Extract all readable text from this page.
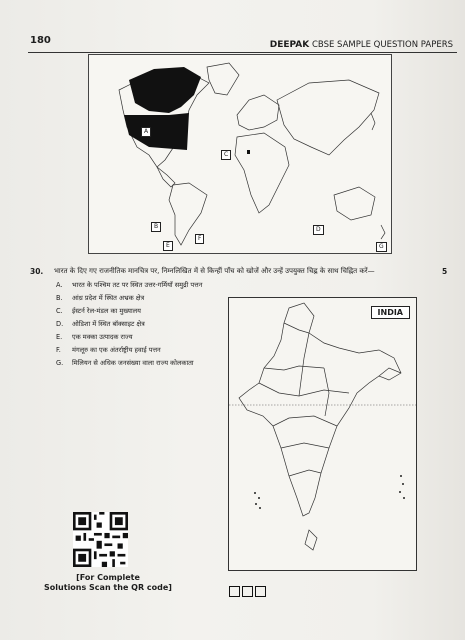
180	DEEPAK CBSE SAMPLE QUESTION PAPERS
A
B
C
D
E
F
G
30. भारत के दिए गए राजनीतिक मानचित्र पर, निम्नलिखित में से किन्हीं पाँच को खोजें और उन्हें उपयुक्त चिह्न के साथ चिह्नित करें—	5
A. भारत के पश्चिम तट पर स्थित उत्तर-गर्मियाँ समुद्री पत्तन
B. आंध्र प्रदेश में स्थित अभ्रक क्षेत्र
C. ईस्टर्न रेल-मंडल का मुख्यालय
D. ओडिशा में स्थित बॉक्साइट क्षेत्र
E. एक मक्का उत्पादक राज्य
F. मंगलूरु का एक अंतर्राष्ट्रीय हवाई पत्तन
G. मिलियन से अधिक जनसंख्या वाला राज्य कोलकाता
INDIA
[For Complete
Solutions Scan the QR code]
